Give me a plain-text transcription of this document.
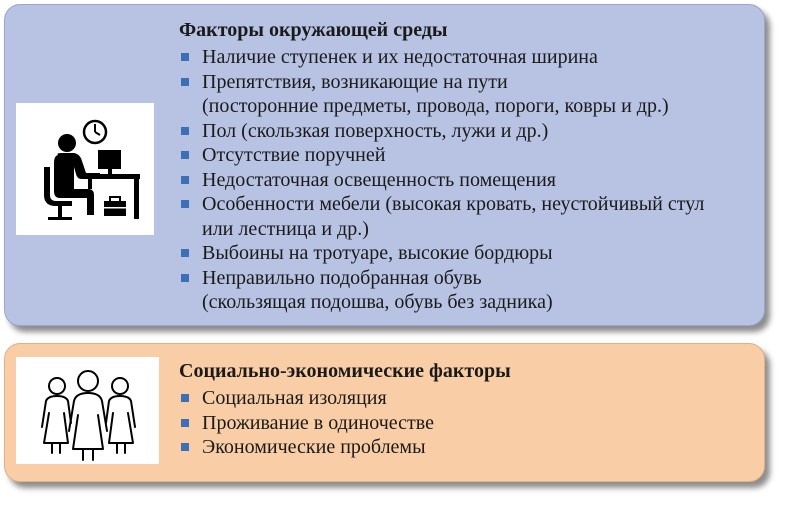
Факторы окружающей среды
Наличие ступенек и их недостаточная ширина
Препятствия, возникающие на пути
(посторонние предметы, провода, пороги, ковры и др.)
Пол (скользкая поверхность, лужи и др.)
Отсутствие поручней
Недостаточная освещенность помещения
Особенности мебели (высокая кровать, неустойчивый стул
или лестница и др.)
Выбоины на тротуаре, высокие бордюры
Неправильно подобранная обувь
(скользящая подошва, обувь без задника)
Социально-экономические факторы
Социальная изоляция
Проживание в одиночестве
Экономические проблемы
